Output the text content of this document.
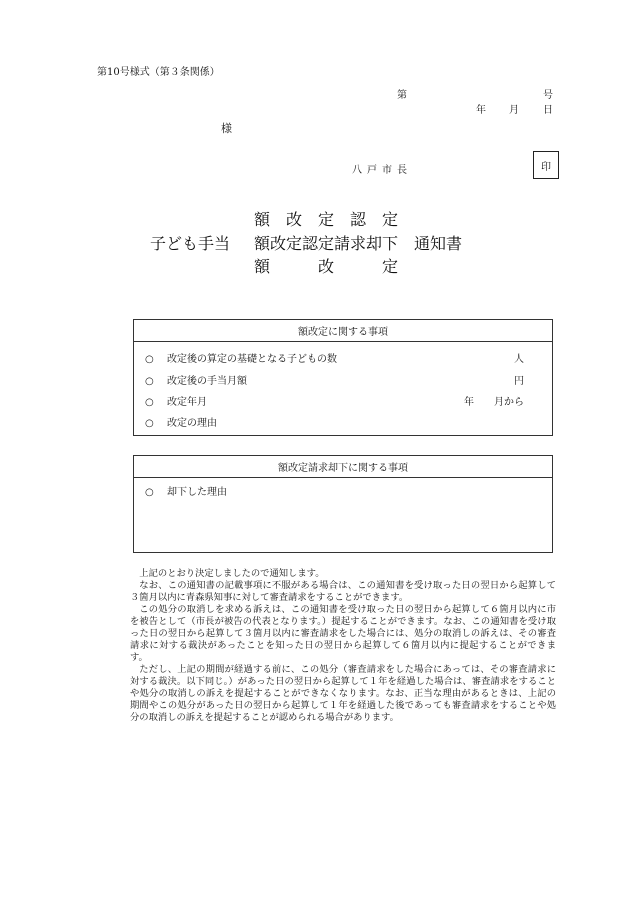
第10号様式（第３条関係）
第	号
年 月 日
様
八戸市長	印
額　改　定　認　定
子ども手当 額改定認定請求却下　通知書
額　　　改　　　定
額改定に関する事項
○ 改定後の算定の基礎となる子どもの数	人
○ 改定後の手当月額	円
○ 改定年月	年　　月から
○ 改定の理由
額改定請求却下に関する事項
○ 却下した理由

上記のとおり決定しましたので通知します。

なお、この通知書の記載事項に不服がある場合は、この通知書を受け取った日の翌日から起算して３箇月以内に青森県知事に対して審査請求をすることができます。

この処分の取消しを求める訴えは、この通知書を受け取った日の翌日から起算して６箇月以内に市を被告として（市長が被告の代表となります。）提起することができます。なお、この通知書を受け取った日の翌日から起算して３箇月以内に審査請求をした場合には、処分の取消しの訴えは、その審査請求に対する裁決があったことを知った日の翌日から起算して６箇月以内に提起することができます。

ただし、上記の期間が経過する前に、この処分（審査請求をした場合にあっては、その審査請求に対する裁決。以下同じ。）があった日の翌日から起算して１年を経過した場合は、審査請求をすることや処分の取消しの訴えを提起することができなくなります。なお、正当な理由があるときは、上記の期間やこの処分があった日の翌日から起算して１年を経過した後であっても審査請求をすることや処分の取消しの訴えを提起することが認められる場合があります。
